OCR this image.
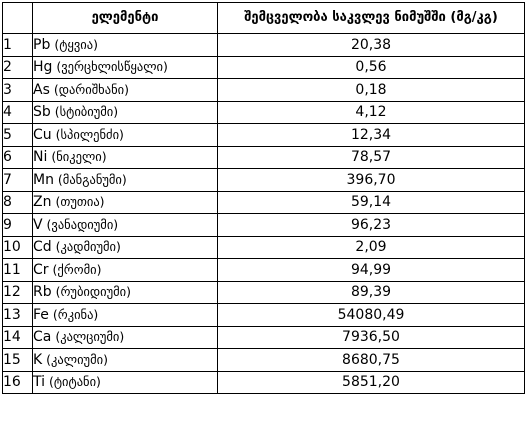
	ელემენტი	შემცველობა საკვლევ ნიმუშში (მგ/კგ)
1	Pb (ტყვია)	20,38
2	Hg (ვერცხლისწყალი)	0,56
3	As (დარიშხანი)	0,18
4	Sb (სტიბიუმი)	4,12
5	Cu (სპილენძი)	12,34
6	Ni (ნიკელი)	78,57
7	Mn (მანგანუმი)	396,70
8	Zn (თუთია)	59,14
9	V (ვანადიუმი)	96,23
10	Cd (კადმიუმი)	2,09
11	Cr (ქრომი)	94,99
12	Rb (რუბიდიუმი)	89,39
13	Fe (რკინა)	54080,49
14	Ca (კალციუმი)	7936,50
15	K (კალიუმი)	8680,75
16	Ti (ტიტანი)	5851,20
